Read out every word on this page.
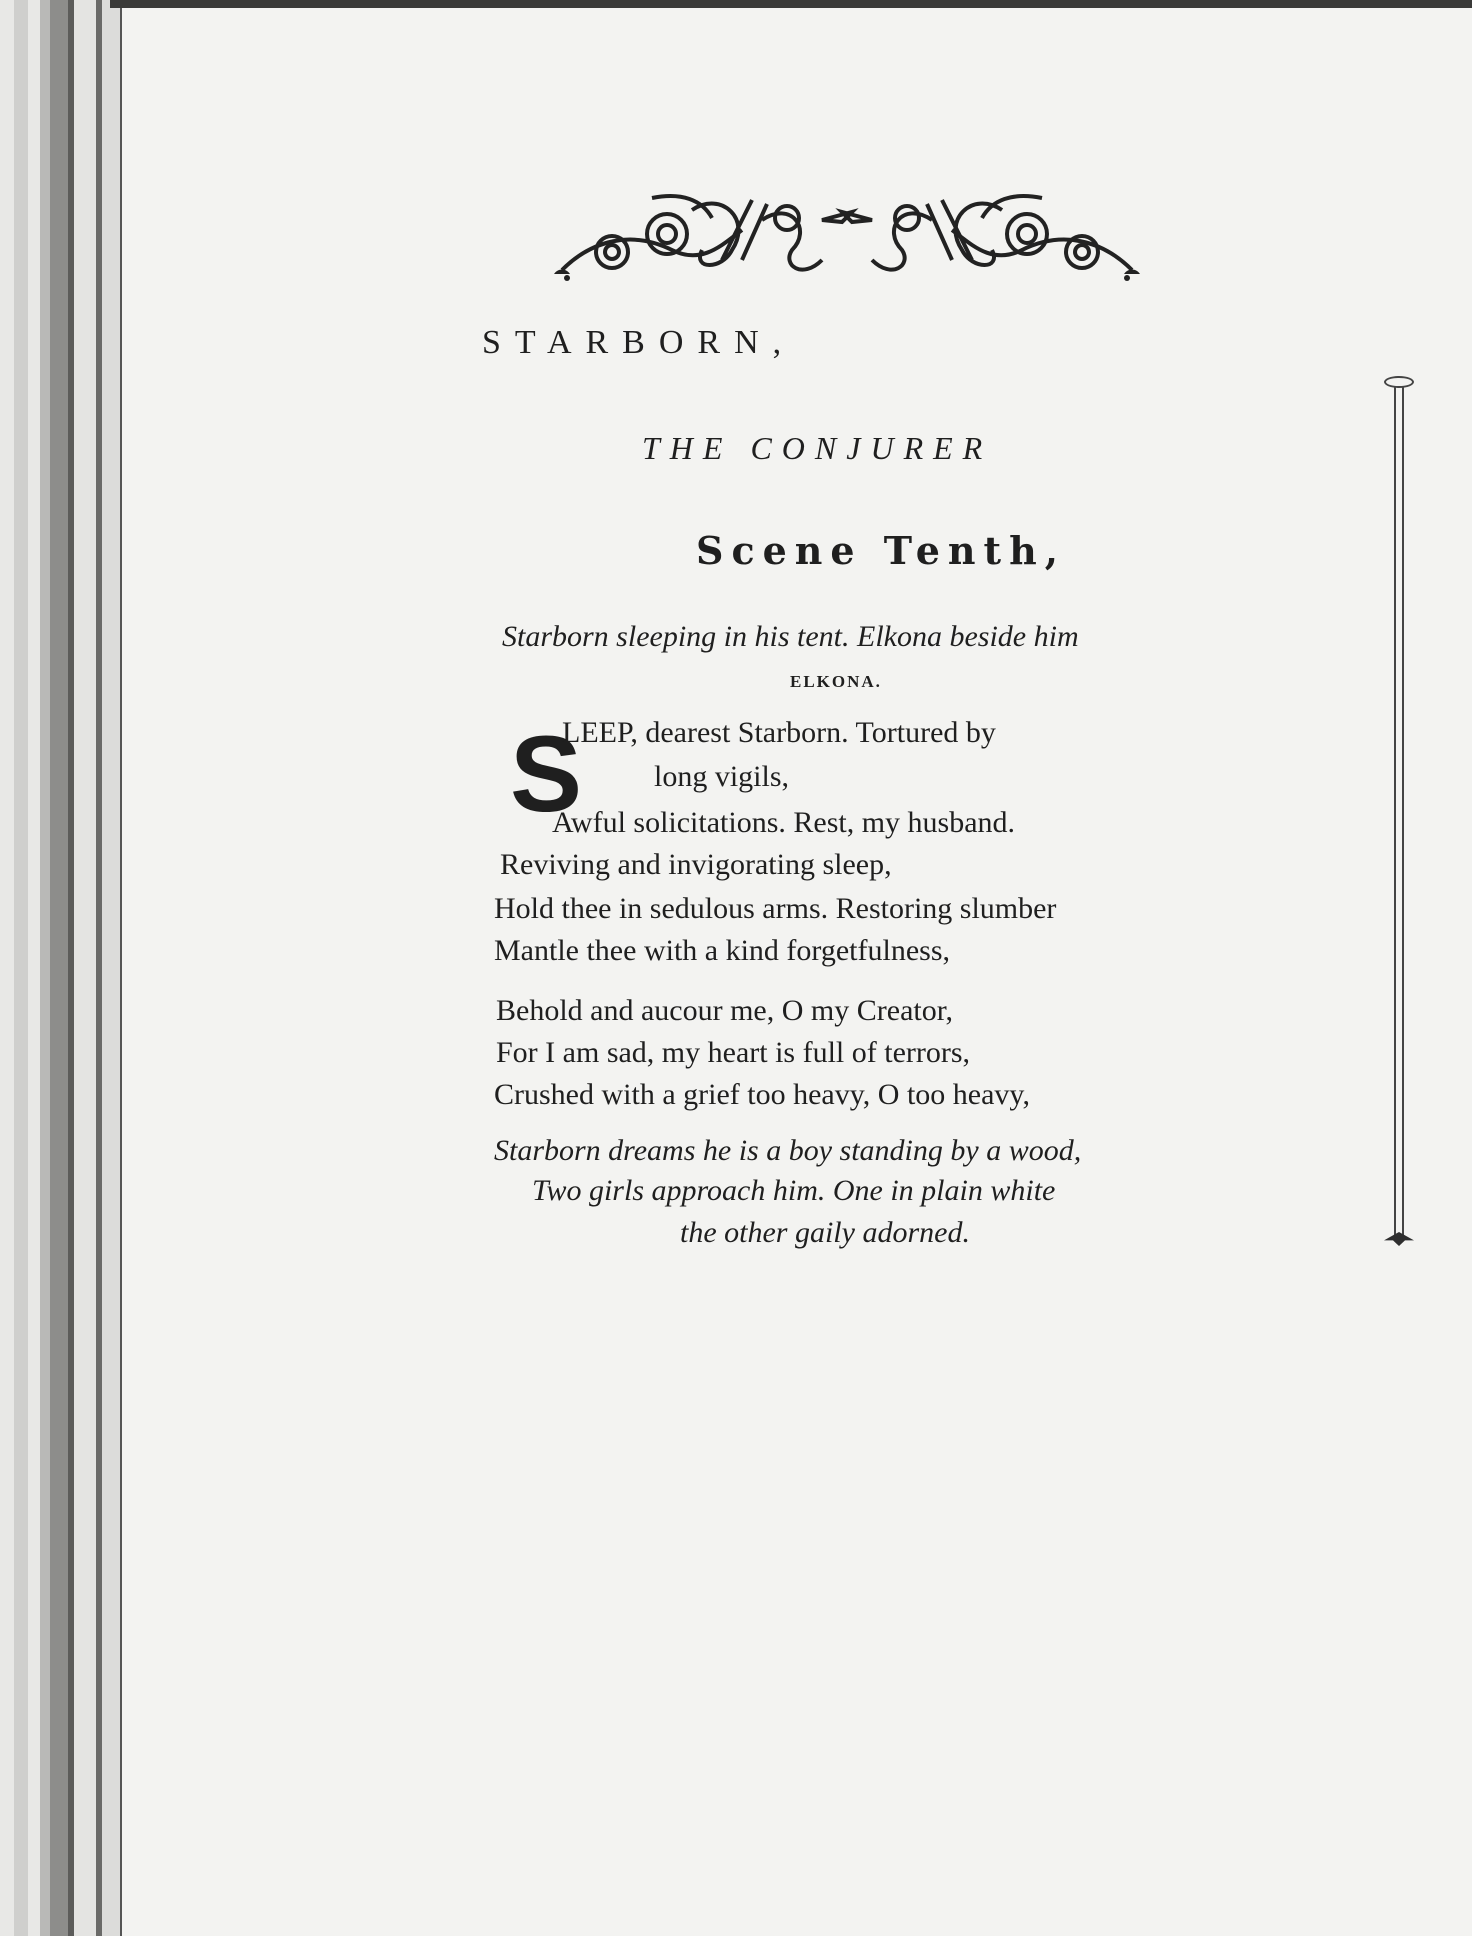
STARBORN,
THE CONJURER
Scene Tenth,
Starborn sleeping in his tent. Elkona beside him
ELKONA.
S
LEEP, dearest Starborn. Tortured by
long vigils,
Awful solicitations. Rest, my husband.
Reviving and invigorating sleep,
Hold thee in sedulous arms. Restoring slumber
Mantle thee with a kind forgetfulness,
Behold and aucour me, O my Creator,
For I am sad, my heart is full of terrors,
Crushed with a grief too heavy, O too heavy,
Starborn dreams he is a boy standing by a wood,
Two girls approach him. One in plain white
the other gaily adorned.
